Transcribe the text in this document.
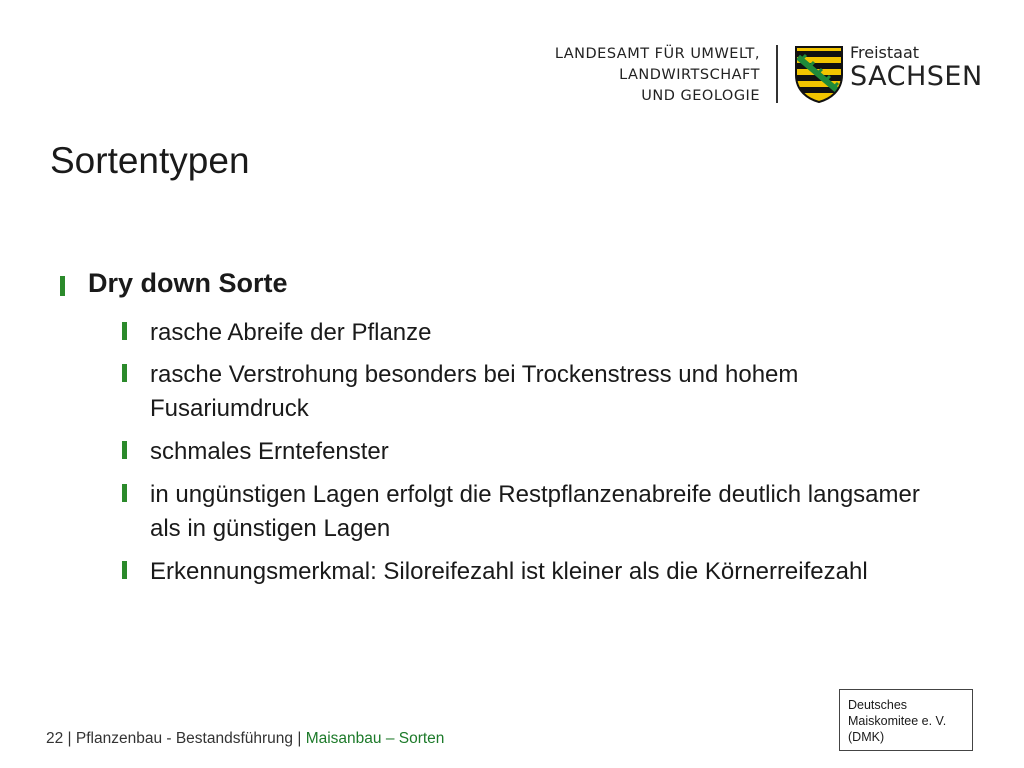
LANDESAMT FÜR UMWELT,
LANDWIRTSCHAFT
UND GEOLOGIE
Freistaat
SACHSEN
Sortentypen
Dry down Sorte
rasche Abreife der Pflanze
rasche Verstrohung besonders bei Trockenstress und hohem Fusariumdruck
schmales Erntefenster
in ungünstigen Lagen erfolgt die Restpflanzenabreife deutlich langsamer als in günstigen Lagen
Erkennungsmerkmal: Siloreifezahl ist kleiner als die Körnerreifezahl
22 | Pflanzenbau - Bestandsführung | Maisanbau – Sorten
Deutsches
Maiskomitee e. V.
(DMK)
